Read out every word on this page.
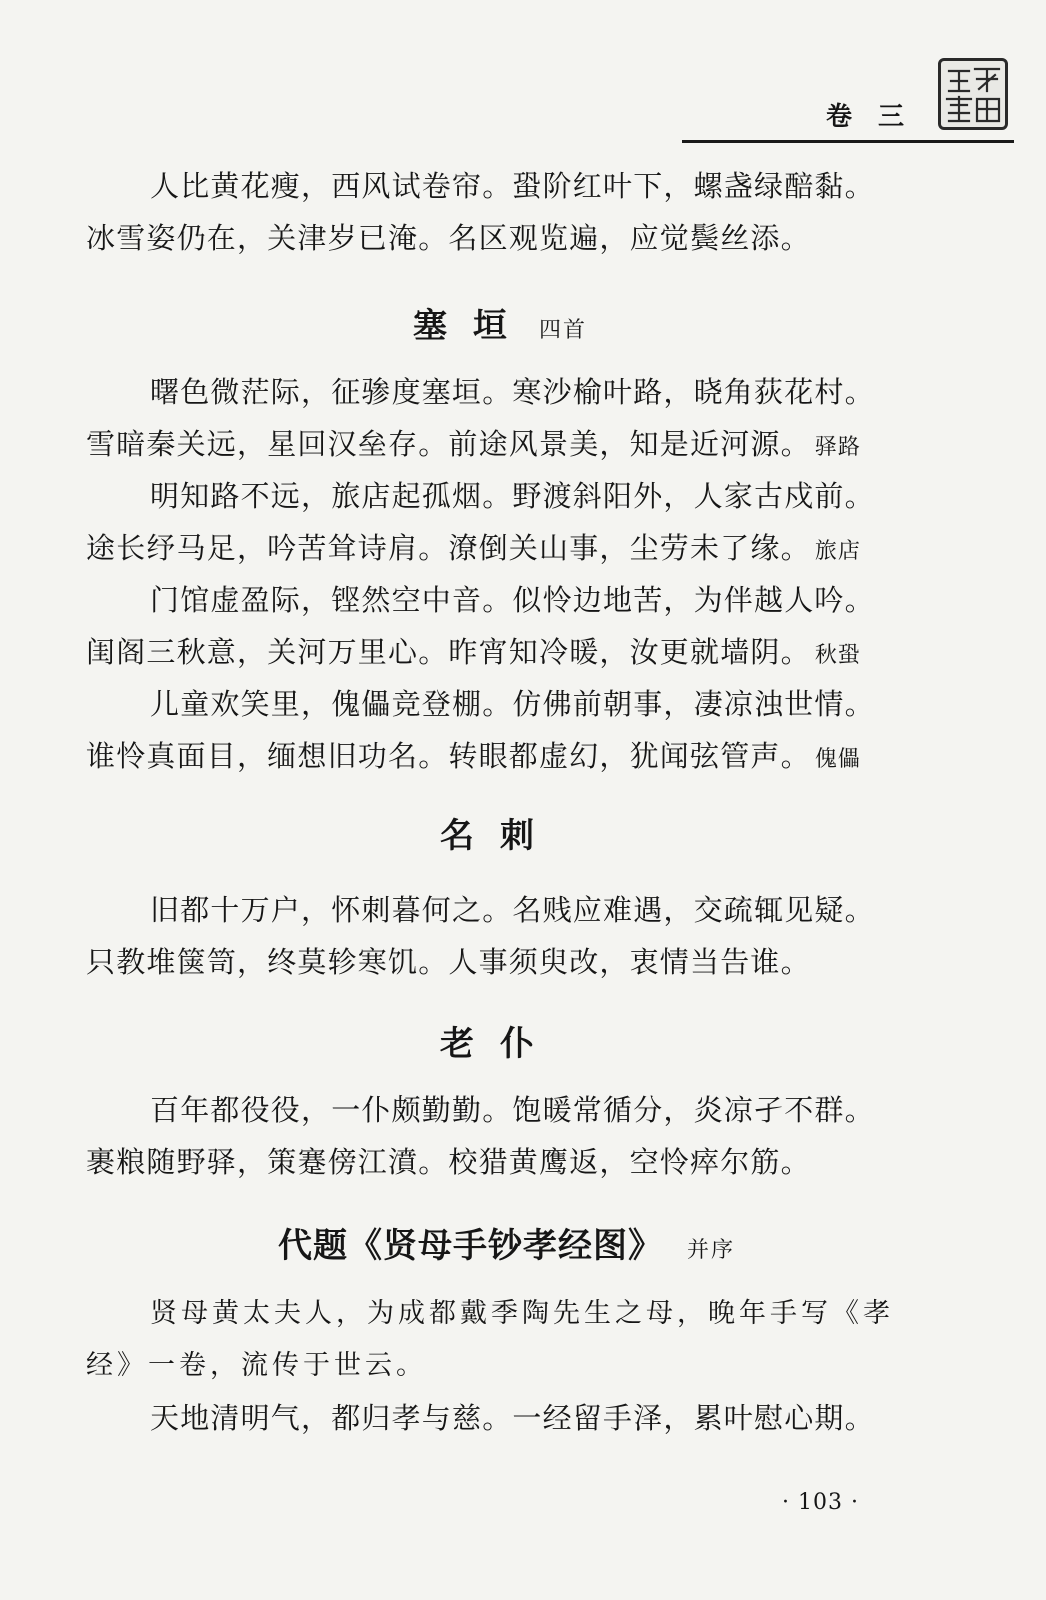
卷三
人比黄花瘦，西风试卷帘。蛩阶红叶下，螺盏绿醅黏。
冰雪姿仍在，关津岁已淹。名区观览遍，应觉鬓丝添。
塞垣 四首
曙色微茫际，征骖度塞垣。寒沙榆叶路，晓角荻花村。
雪暗秦关远，星回汉垒存。前途风景美，知是近河源。 驿路
明知路不远，旅店起孤烟。野渡斜阳外，人家古戍前。
途长纾马足，吟苦耸诗肩。潦倒关山事，尘劳未了缘。 旅店
门馆虚盈际，铿然空中音。似怜边地苦，为伴越人吟。
闺阁三秋意，关河万里心。昨宵知冷暖，汝更就墙阴。 秋蛩
儿童欢笑里，傀儡竞登棚。仿佛前朝事，凄凉浊世情。
谁怜真面目，缅想旧功名。转眼都虚幻，犹闻弦管声。 傀儡
名刺
旧都十万户，怀刺暮何之。名贱应难遇，交疏辄见疑。
只教堆箧笥，终莫轸寒饥。人事须臾改，衷情当告谁。
老仆
百年都役役，一仆颇勤勤。饱暖常循分，炎凉孑不群。
裹粮随野驿，策蹇傍江濆。校猎黄鹰返，空怜瘁尔筋。
代题《贤母手钞孝经图》 并序
贤母黄太夫人，为成都戴季陶先生之母，晚年手写《孝
经》一卷，流传于世云。
天地清明气，都归孝与慈。一经留手泽，累叶慰心期。
· 103 ·
